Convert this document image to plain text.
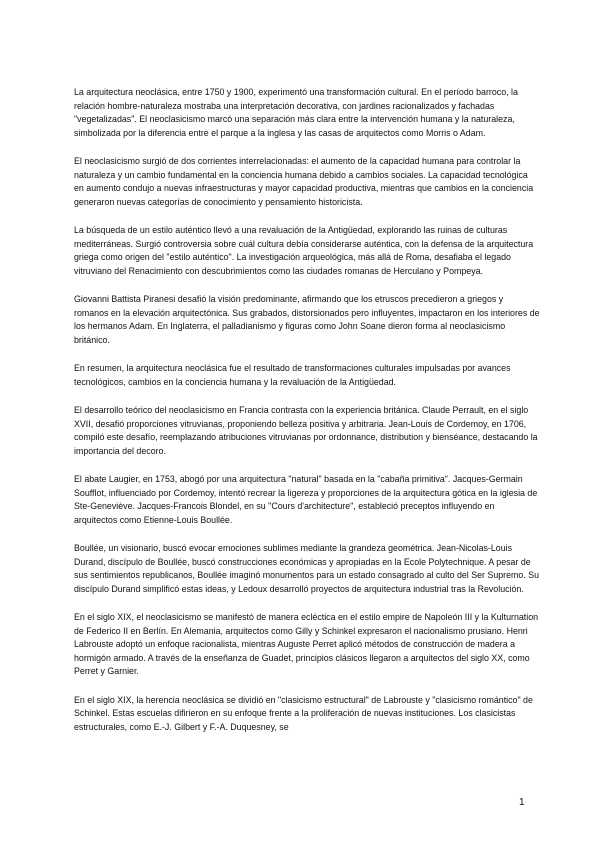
La arquitectura neoclásica, entre 1750 y 1900, experimentó una transformación cultural. En el período barroco, la relación hombre-naturaleza mostraba una interpretación decorativa, con jardines racionalizados y fachadas "vegetalizadas". El neoclasicismo marcó una separación más clara entre la intervención humana y la naturaleza, simbolizada por la diferencia entre el parque a la inglesa y las casas de arquitectos como Morris o Adam.

El neoclasicismo surgió de dos corrientes interrelacionadas: el aumento de la capacidad humana para controlar la naturaleza y un cambio fundamental en la conciencia humana debido a cambios sociales. La capacidad tecnológica en aumento condujo a nuevas infraestructuras y mayor capacidad productiva, mientras que cambios en la conciencia generaron nuevas categorías de conocimiento y pensamiento historicista.

La búsqueda de un estilo auténtico llevó a una revaluación de la Antigüedad, explorando las ruinas de culturas mediterráneas. Surgió controversia sobre cuál cultura debía considerarse auténtica, con la defensa de la arquitectura griega como origen del "estilo auténtico". La investigación arqueológica, más allá de Roma, desafiaba el legado vitruviano del Renacimiento con descubrimientos como las ciudades romanas de Herculano y Pompeya.

Giovanni Battista Piranesi desafió la visión predominante, afirmando que los etruscos precedieron a griegos y romanos en la elevación arquitectónica. Sus grabados, distorsionados pero influyentes, impactaron en los interiores de los hermanos Adam. En Inglaterra, el palladianismo y figuras como John Soane dieron forma al neoclasicismo británico.

En resumen, la arquitectura neoclásica fue el resultado de transformaciones culturales impulsadas por avances tecnológicos, cambios en la conciencia humana y la revaluación de la Antigüedad.

El desarrollo teórico del neoclasicismo en Francia contrasta con la experiencia británica. Claude Perrault, en el siglo XVII, desafió proporciones vitruvianas, proponiendo belleza positiva y arbitraria. Jean-Louis de Cordemoy, en 1706, compiló este desafío, reemplazando atribuciones vitruvianas por ordonnance, distribution y bienséance, destacando la importancia del decoro.

El abate Laugier, en 1753, abogó por una arquitectura "natural" basada en la "cabaña primitiva". Jacques-Germain Soufflot, influenciado por Cordemoy, intentó recrear la ligereza y proporciones de la arquitectura gótica en la iglesia de Ste-Geneviève. Jacques-Francois Blondel, en su "Cours d'architecture", estableció preceptos influyendo en arquitectos como Etienne-Louis Boullée.

Boullée, un visionario, buscó evocar emociones sublimes mediante la grandeza geométrica. Jean-Nicolas-Louis Durand, discípulo de Boullée, buscó construcciones económicas y apropiadas en la Ecole Polytechnique. A pesar de sus sentimientos republicanos, Boullée imaginó monumentos para un estado consagrado al culto del Ser Supremo. Su discípulo Durand simplificó estas ideas, y Ledoux desarrolló proyectos de arquitectura industrial tras la Revolución.

En el siglo XIX, el neoclasicismo se manifestó de manera ecléctica en el estilo empire de Napoleón III y la Kulturnation de Federico II en Berlín. En Alemania, arquitectos como Gilly y Schinkel expresaron el nacionalismo prusiano. Henri Labrouste adoptó un enfoque racionalista, mientras Auguste Perret aplicó métodos de construcción de madera a hormigón armado. A través de la enseñanza de Guadet, principios clásicos llegaron a arquitectos del siglo XX, como Perret y Garnier.

En el siglo XIX, la herencia neoclásica se dividió en "clasicismo estructural" de Labrouste y "clasicismo romántico" de Schinkel. Estas escuelas difirieron en su enfoque frente a la proliferación de nuevas instituciones. Los clasicistas estructurales, como E.-J. Gilbert y F.-A. Duquesney, se

1
